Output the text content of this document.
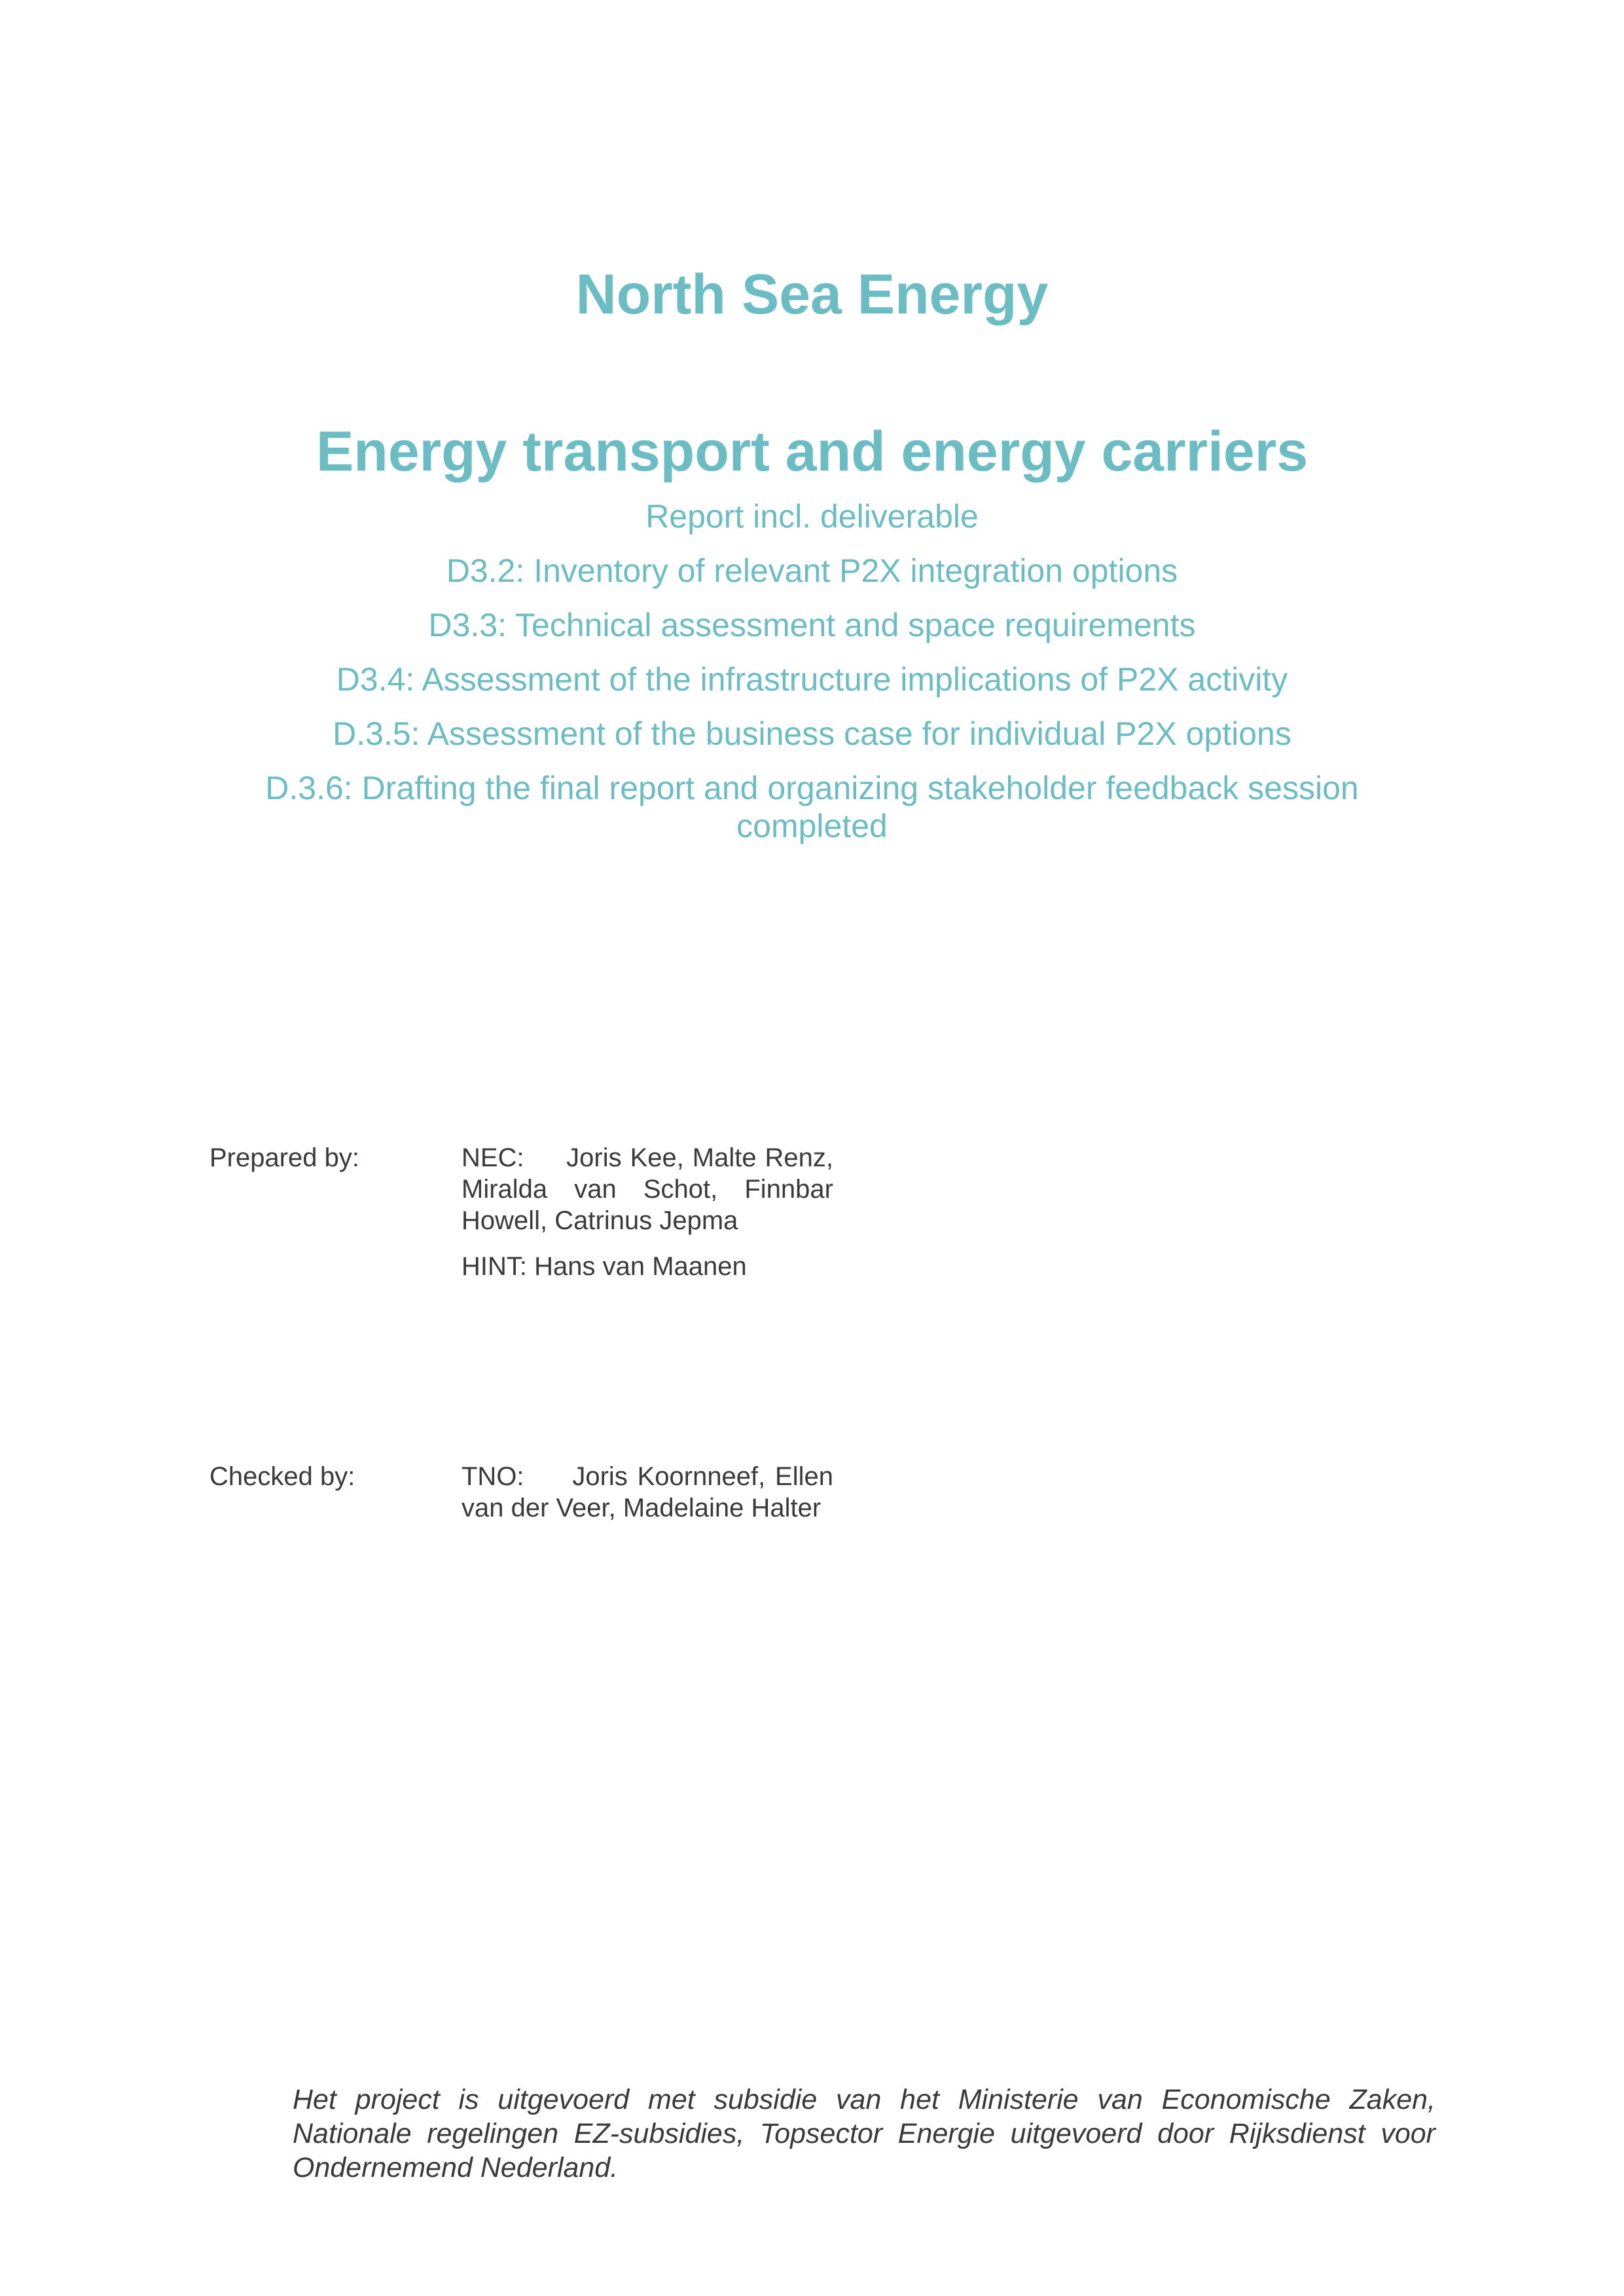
North Sea Energy
Energy transport and energy carriers
Report incl. deliverable
D3.2: Inventory of relevant P2X integration options
D3.3: Technical assessment and space requirements
D3.4: Assessment of the infrastructure implications of P2X activity
D.3.5: Assessment of the business case for individual P2X options
D.3.6: Drafting the final report and organizing stakeholder feedback session completed
Prepared by:	NEC:     Joris Kee, Malte Renz, Miralda van Schot, Finnbar Howell, Catrinus Jepma

HINT: Hans van Maanen

Checked by:	TNO:     Joris Koornneef, Ellen van der Veer, Madelaine Halter

Het project is uitgevoerd met subsidie van het Ministerie van Economische Zaken, Nationale regelingen EZ-subsidies, Topsector Energie uitgevoerd door Rijksdienst voor Ondernemend Nederland.
